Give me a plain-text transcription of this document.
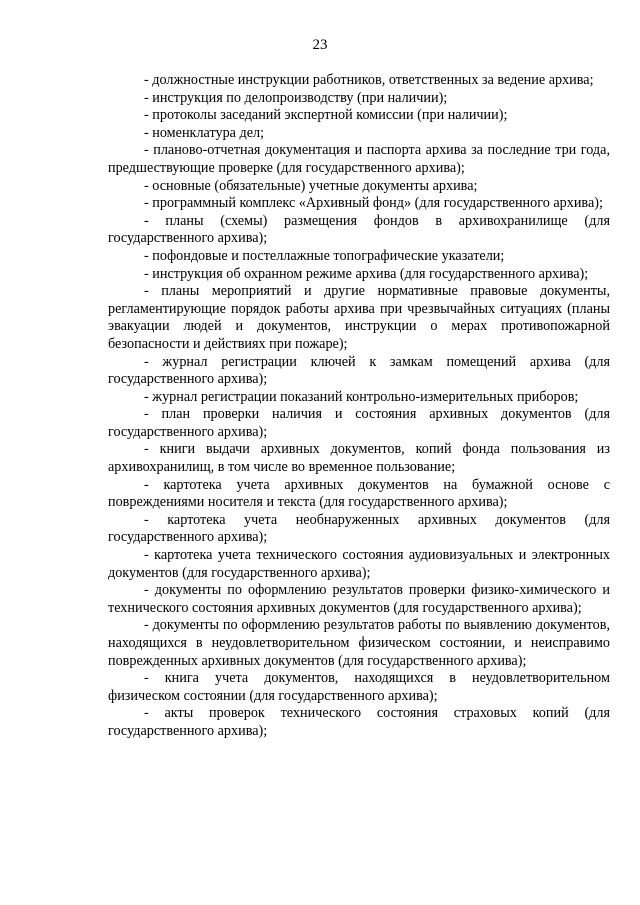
23

- должностные инструкции работников, ответственных за ведение архива;

- инструкция по делопроизводству (при наличии);

- протоколы заседаний экспертной комиссии (при наличии);

- номенклатура дел;

- планово-отчетная документация и паспорта архива за последние три года, предшествующие проверке (для государственного архива);

- основные (обязательные) учетные документы архива;

- программный комплекс «Архивный фонд» (для государственного архива);

- планы (схемы) размещения фондов в архивохранилище (для государственного архива);

- пофондовые и постеллажные топографические указатели;

- инструкция об охранном режиме архива (для государственного архива);

- планы мероприятий и другие нормативные правовые документы, регламентирующие порядок работы архива при чрезвычайных ситуациях (планы эвакуации людей и документов, инструкции о мерах противопожарной безопасности и действиях при пожаре);

- журнал регистрации ключей к замкам помещений архива (для государственного архива);

- журнал регистрации показаний контрольно-измерительных приборов;

- план проверки наличия и состояния архивных документов (для государственного архива);

- книги выдачи архивных документов, копий фонда пользования из архивохранилищ, в том числе во временное пользование;

- картотека учета архивных документов на бумажной основе с повреждениями носителя и текста (для государственного архива);

- картотека учета необнаруженных архивных документов (для государственного архива);

- картотека учета технического состояния аудиовизуальных и электронных документов (для государственного архива);

- документы по оформлению результатов проверки физико-химического и технического состояния архивных документов (для государственного архива);

- документы по оформлению результатов работы по выявлению документов, находящихся в неудовлетворительном физическом состоянии, и неисправимо поврежденных архивных документов (для государственного архива);

- книга учета документов, находящихся в неудовлетворительном физическом состоянии (для государственного архива);

- акты проверок технического состояния страховых копий (для государственного архива);
